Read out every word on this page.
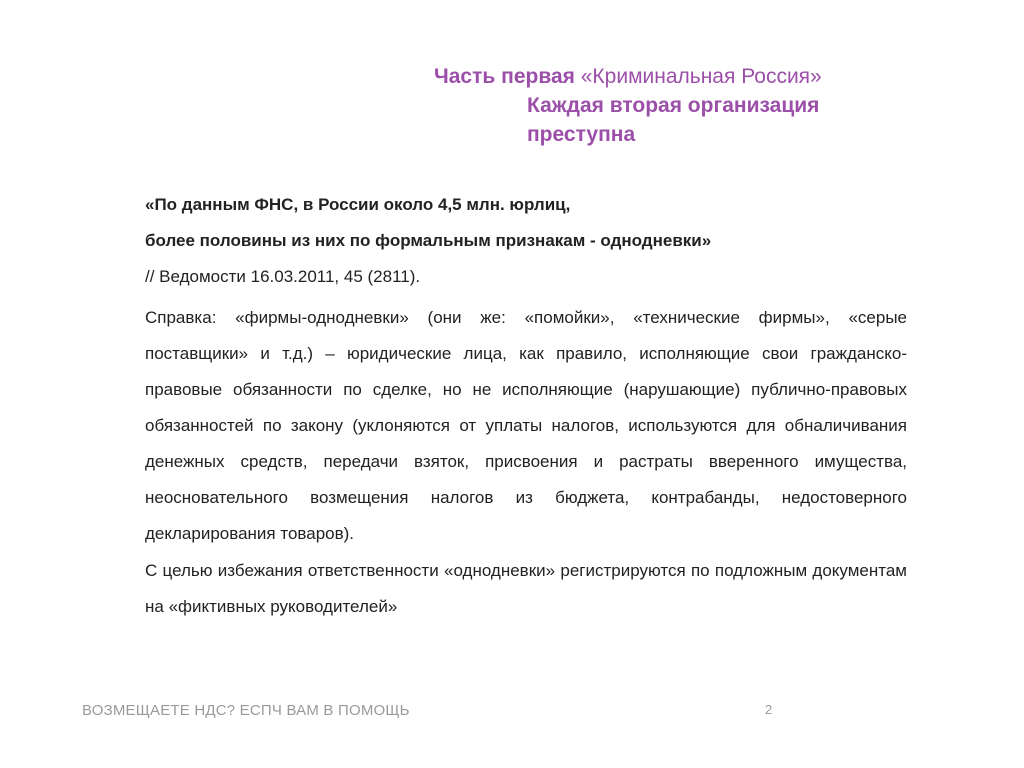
Часть первая «Криминальная Россия»
Каждая вторая организация
преступна
«По данным ФНС, в России около 4,5 млн. юрлиц,
более половины из них по формальным признакам - однодневки»
// Ведомости 16.03.2011, 45 (2811).
Справка: «фирмы-однодневки» (они же: «помойки», «технические фирмы», «серые поставщики» и т.д.) – юридические лица, как правило, исполняющие свои гражданско-правовые обязанности по сделке, но не исполняющие (нарушающие) публично-правовых обязанностей по закону (уклоняются от уплаты налогов, используются для обналичивания денежных средств, передачи взяток, присвоения и растраты вверенного имущества, неосновательного возмещения налогов из бюджета, контрабанды, недостоверного декларирования товаров).
С целью избежания ответственности «однодневки» регистрируются по подложным документам на «фиктивных руководителей»
ВОЗМЕЩАЕТЕ НДС? ЕСПЧ ВАМ В ПОМОЩЬ	2
